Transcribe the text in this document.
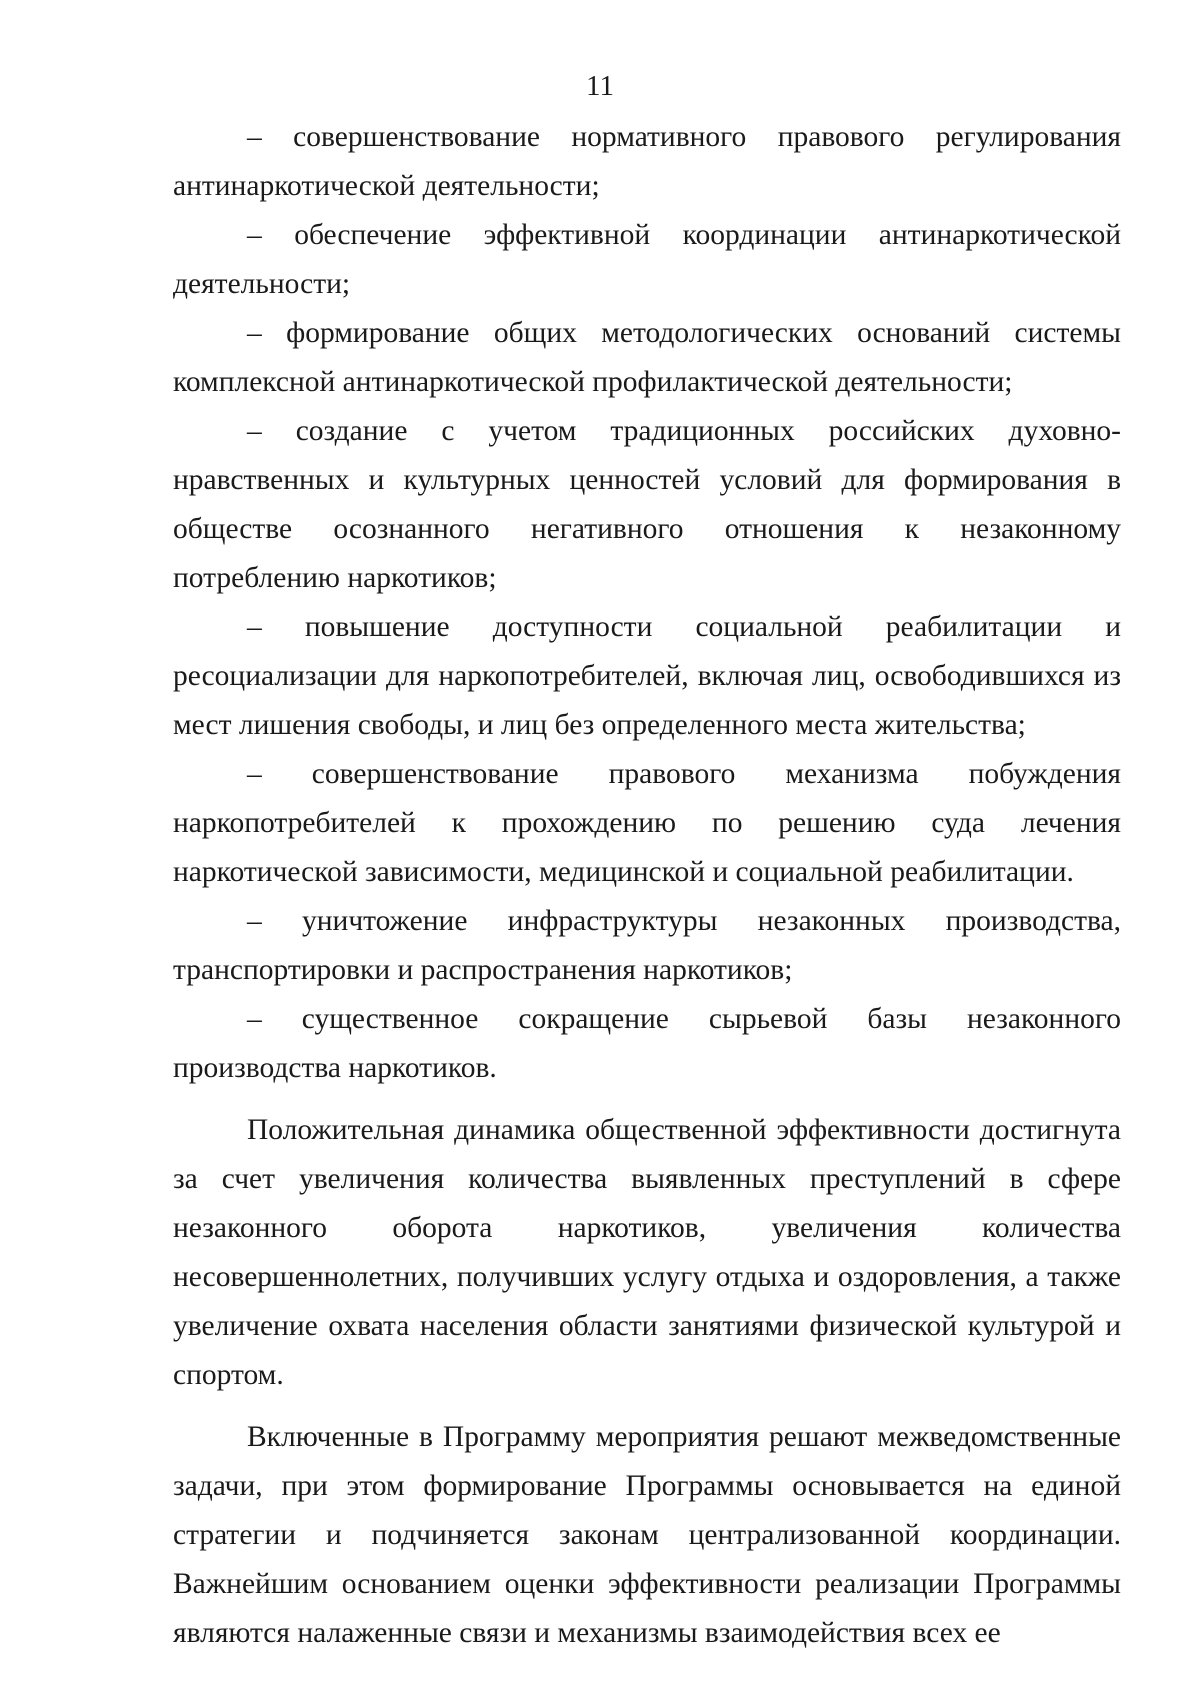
11

– совершенствование нормативного правового регулирования антинаркотической деятельности;

– обеспечение эффективной координации антинаркотической деятельности;

– формирование общих методологических оснований системы комплексной антинаркотической профилактической деятельности;

– создание с учетом традиционных российских духовно-нравственных и культурных ценностей условий для формирования в обществе осознанного негативного отношения к незаконному потреблению наркотиков;

– повышение доступности социальной реабилитации и ресоциализации для наркопотребителей, включая лиц, освободившихся из мест лишения свободы, и лиц без определенного места жительства;

– совершенствование правового механизма побуждения наркопотребителей к прохождению по решению суда лечения наркотической зависимости, медицинской и социальной реабилитации.

– уничтожение инфраструктуры незаконных производства, транспортировки и распространения наркотиков;

– существенное сокращение сырьевой базы незаконного производства наркотиков.

Положительная динамика общественной эффективности достигнута за счет увеличения количества выявленных преступлений в сфере незаконного оборота наркотиков, увеличения количества несовершеннолетних, получивших услугу отдыха и оздоровления, а также увеличение охвата населения области занятиями физической культурой и спортом.

Включенные в Программу мероприятия решают межведомственные задачи, при этом формирование Программы основывается на единой стратегии и подчиняется законам централизованной координации. Важнейшим основанием оценки эффективности реализации Программы являются налаженные связи и механизмы взаимодействия всех ее
